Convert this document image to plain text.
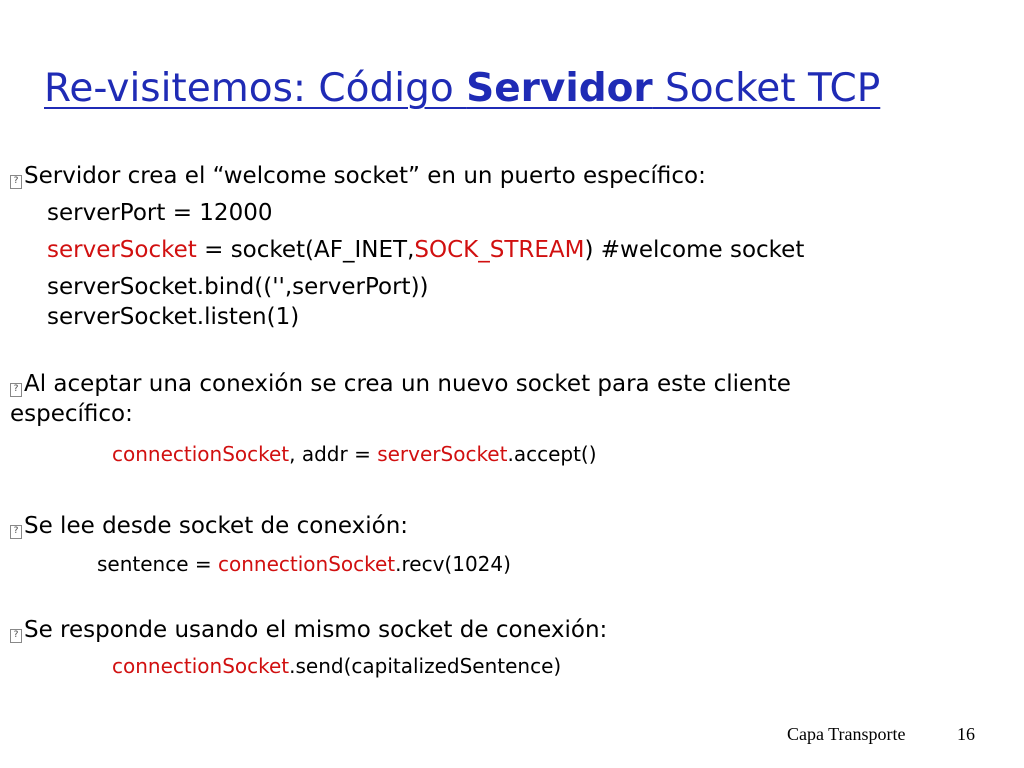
Re-visitemos: Código Servidor Socket TCP
? Servidor crea el “welcome socket” en un puerto específico:
serverPort = 12000
serverSocket = socket(AF_INET,SOCK_STREAM) #welcome socket
serverSocket.bind(('',serverPort))
serverSocket.listen(1)
? Al aceptar una conexión se crea un nuevo socket para este cliente
específico:
connectionSocket, addr = serverSocket.accept()
? Se lee desde socket de conexión:
sentence = connectionSocket.recv(1024)
? Se responde usando el mismo socket de conexión:
connectionSocket.send(capitalizedSentence)
Capa Transporte	16
